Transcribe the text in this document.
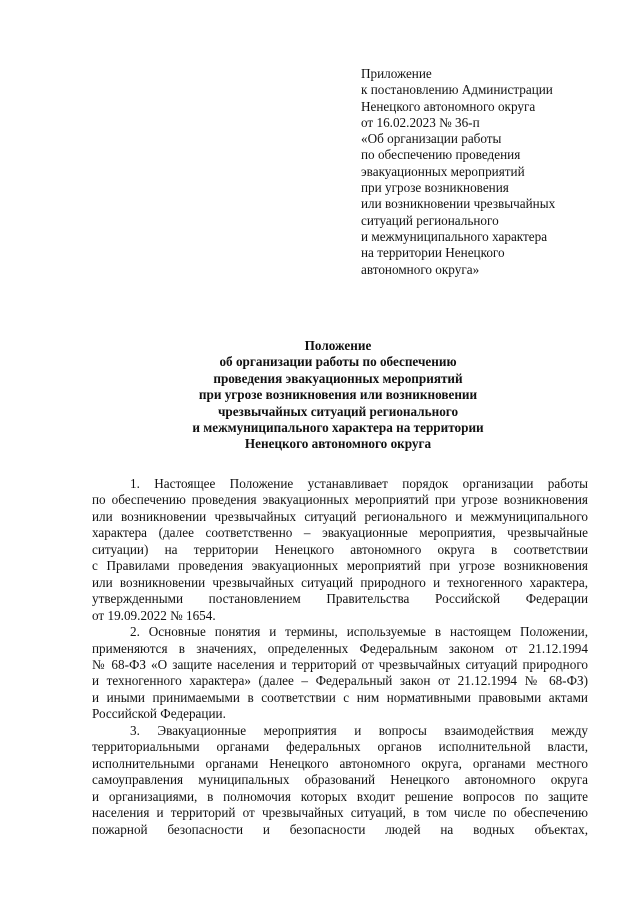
Приложение
к постановлению Администрации
Ненецкого автономного округа
от 16.02.2023 № 36-п
«Об организации работы
по обеспечению проведения
эвакуационных мероприятий
при угрозе возникновения
или возникновении чрезвычайных
ситуаций регионального
и межмуниципального характера
на территории Ненецкого
автономного округа»
Положение
об организации работы по обеспечению
проведения эвакуационных мероприятий
при угрозе возникновения или возникновении
чрезвычайных ситуаций регионального
и межмуниципального характера на территории
Ненецкого автономного округа
1. Настоящее Положение устанавливает порядок организации работы
по обеспечению проведения эвакуационных мероприятий при угрозе возникновения
или возникновении чрезвычайных ситуаций регионального и межмуниципального
характера (далее соответственно – эвакуационные мероприятия, чрезвычайные
ситуации) на территории Ненецкого автономного округа в соответствии
с Правилами проведения эвакуационных мероприятий при угрозе возникновения
или возникновении чрезвычайных ситуаций природного и техногенного характера,
утвержденными постановлением Правительства Российской Федерации
от 19.09.2022 № 1654.
2. Основные понятия и термины, используемые в настоящем Положении,
применяются в значениях, определенных Федеральным законом от 21.12.1994
№ 68-ФЗ «О защите населения и территорий от чрезвычайных ситуаций природного
и техногенного характера» (далее – Федеральный закон от 21.12.1994 № 68-ФЗ)
и иными принимаемыми в соответствии с ним нормативными правовыми актами
Российской Федерации.
3. Эвакуационные мероприятия и вопросы взаимодействия между
территориальными органами федеральных органов исполнительной власти,
исполнительными органами Ненецкого автономного округа, органами местного
самоуправления муниципальных образований Ненецкого автономного округа
и организациями, в полномочия которых входит решение вопросов по защите
населения и территорий от чрезвычайных ситуаций, в том числе по обеспечению
пожарной безопасности и безопасности людей на водных объектах,
